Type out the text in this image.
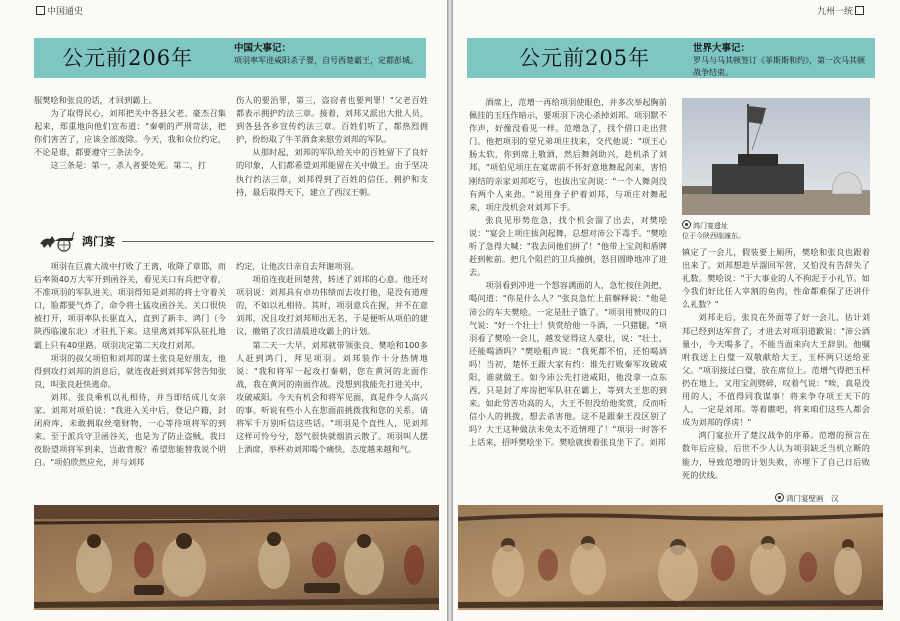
中国通史
公元前206年	中国大事记：
项羽率军进咸阳杀子婴，自号西楚霸王，定都彭城。

服樊哙和张良的话，才回到霸上。

为了取得民心，刘邦把关中各县父老、豪杰召集起来，郑重地向他们宣布道："秦朝的严刑苛法，把你们害苦了，应该全部废除。今天，我和众位约定，不论是谁，都要遵守三条法令。

这三条是：第一，杀人者要处死。第二，打

伤人的要治罪，第三，盗窃者也要判罪！"父老百姓都表示拥护约法三章。接着，刘邦又派出大批人员，到各县各乡宣传约法三章。百姓们听了，都热烈拥护，纷纷取了牛羊酒食来慰劳刘邦的军队。

从那时起，刘邦的军队给关中的百姓留下了良好的印象，人们都希望刘邦能留在关中做王。由于坚决执行约法三章，刘邦得到了百姓的信任、拥护和支持，最后取得天下，建立了西汉王朝。

鸿门宴

项羽在巨鹿大战中打败了王离，收降了章邯，而后率领40万大军开到函谷关，看见关口有兵把守着，不准项羽的军队进关。项羽得知是刘邦的将士守着关口，脸都要气炸了，命令将士猛攻函谷关。关口很快被打开，项羽率队长驱直入，直到了新丰、鸿门（今陕西临潼东北）才驻扎下来。这里离刘邦军队驻扎地霸上只有40里路。项羽决定第二天攻打刘邦。

项羽的叔父项伯和刘邦的谋士张良是好朋友，他得到攻打刘邦的消息后，就连夜赶到刘邦军营告知张良，叫张良赶快逃命。

刘邦、张良乘机以礼相待，并当即结成儿女亲家。刘邦对项伯说："我进入关中后，登记户籍，封闭府库，未敢拥取丝毫财物，一心等待项将军的到来。至于派兵守卫函谷关，也是为了防止盗贼。我日夜盼望项将军到来，岂敢背叛？希望您能替我说个明白。"项伯欣然应允，并与刘邦

约定，让他次日亲自去拜谢项羽。

项伯连夜赶回楚营，转述了刘邦的心意。他还对项羽说：刘邦具有卓功伟绩而去攻打他，是没有道理的，不如以礼相待。其时，项羽意兵在握，并不在意刘邦，况且攻打刘邦师出无名，于是便听从项伯的建议，撤销了次日清晨进攻霸上的计划。

第二天一大早，刘邦就带领张良、樊哙和100多人赶到鸿门，拜见项羽。刘邦装作十分热情地说："我和将军一起攻打秦朝，您在黄河的北面作战，我在黄河的南面作战。没想到我能先打进关中，攻破咸阳。今天有机会和将军见面，真是件令人高兴的事。听说有些小人在您面前挑拨我和您的关系，请将军千万别听信这些话。"项羽是个直性人，见刘邦这样可怜兮兮，怒气很快就烟消云散了。项羽叫人摆上酒席，举杯劝刘邦喝个痛快，态度越来越和气。

九州一统
公元前205年	世界大事记：
罗马与马其顿签订《菲斯斯和约》，第一次马其顿战争结束。

酒席上，范增一再给项羽使眼色，并多次举起胸前佩挂的玉珏作暗示，要项羽下决心杀掉刘邦。项羽默不作声，好像没看见一样。范增急了，找个借口走出营门。他把项羽的堂兄弟项庄找来，交代他说："项王心肠太软，你到席上敬酒，然后舞剑助兴，趁机杀了刘邦。"项伯见项庄在宴席前不怀好意地舞起剑来，害怕刚结的亲家刘邦吃亏，也拔出宝剑说："一个人舞剑没有两个人来劲。"说用身子护着刘邦，与项庄对舞起来，项庄没机会对刘邦下手。

张良见形势危急，找个机会溜了出去，对樊哙说："宴会上项庄拔剑起舞，总想对沛公下毒手。"樊哙听了急得大喊："我去同他们拼了！"他带上宝剑和盾牌赶到帐前。把几个阻拦的卫兵撞倒，怒目圆睁地冲了进去。

项羽看到冲进一个怒容满面的人，急忙按住剑把，喝问道："你是什么人？"张良急忙上前解释说："他是沛公的车夫樊哙。一定是肚子饿了。"项羽用赞叹的口气说："好一个壮士！快赏给他一斗酒，一只猪腿。"项羽看了樊哙一会儿，越发觉得这人豪壮，说："壮士，还能喝酒吗？"樊哙粗声说："我死都不怕，还怕喝酒吗！当初，楚怀王跟大家有约：谁先打败秦军攻破咸阳，谁就做王。如今沛公先打进咸阳，他没拿一点东西，只是封了库房把军队驻在霸上，等到大王您的到来。如此劳苦功高的人，大王不但没给他奖赏，反而听信小人的挑拨，想去杀害他。这不是跟秦王没区别了吗？大王这种做法未免太不近情理了！"项羽一时答不上话来，招呼樊哙坐下。樊哙就挨着张良坐下了。刘邦

鸿门宴遗址
位于今陕西临潼东。

镇定了一会儿，假装要上厕所，樊哙和张良也跟着出来了。刘邦想趁早溜回军营，又怕没有告辞失了礼数。樊哙说："干大事业的人不拘泥于小礼节。如今我们好比任人宰割的鱼肉，性命都难保了还讲什么礼数？"

刘邦走后，张良在外面等了好一会儿，估计刘邦已经到达军营了，才进去对项羽道歉说："沛公酒量小，今天喝多了，不能当面来向大王辞别。他嘱咐我送上白璧一双敬献给大王，玉杯两只送给亚父。"项羽接过白璧，放在席位上。范增气得把玉杯扔在地上，又用宝剑劈碎，叹着气说："唉，真是没用的人，不值得同我谋事！将来争夺项王天下的人，一定是刘邦。等着瞧吧，将来咱们这些人都会成为刘邦的俘虏！"

鸿门宴拉开了楚汉战争的序幕。范增的预言在数年后应验，后世不少人认为项羽缺乏当机立断的能力，导致范增的计划失败，亦埋下了自己日后败死的伏线。

鸿门宴壁画　汉
